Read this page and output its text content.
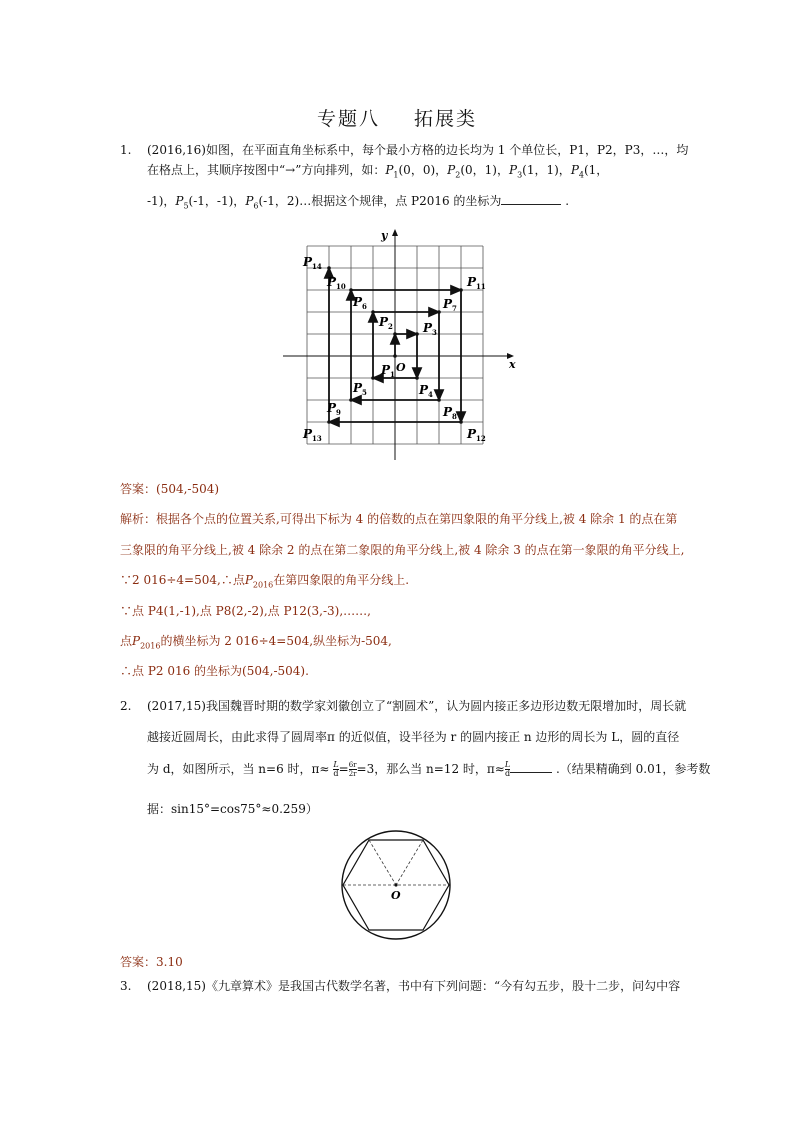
专题八 拓展类
1.	(2016,16)如图，在平面直角坐标系中，每个最小方格的边长均为 1 个单位长，P1，P2，P3，…，均
在格点上，其顺序按图中“→”方向排列，如：$P_1(0$，0)，$P_2(0$，1)，$P_3(1$，1)，$P_4(1$，
-1)，$P_5(-1$，-1)，$P_6(-1$，2)…根据这个规律，点 P2016 的坐标为	.
x
y
O
$P_1$
$P_2$	$P_3$
$P_4$
$P_5$
$P_6$	$P_7$
$P_8$
$P_9$
$P_{10}$	$P_{11}$
$P_{12}$
$P_{13}$
$P_{14}$
答案：(504,-504)
解析：根据各个点的位置关系,可得出下标为 4 的倍数的点在第四象限的角平分线上,被 4 除余 1 的点在第
三象限的角平分线上,被 4 除余 2 的点在第二象限的角平分线上,被 4 除余 3 的点在第一象限的角平分线上,
∵2 016÷4=504,∴点$P_{2016}$在第四象限的角平分线上.
∵点 P4(1,-1),点 P8(2,-2),点 P12(3,-3),……,
点$P_{2016}$的横坐标为 2 016÷4=504,纵坐标为-504,
∴点 P2 016 的坐标为(504,-504).
2.	(2017,15)我国魏晋时期的数学家刘徽创立了“割圆术”，认为圆内接正多边形边数无限增加时，周长就
越接近圆周长，由此求得了圆周率π 的近似值，设半径为 r 的圆内接正 n 边形的周长为 L，圆的直径
为 d，如图所示，当 n=6 时，$\pi\approx \frac{L}{d} = \frac{6r}{2r} =3$，那么当 n=12 时，$\pi\approx \frac{L}{d}$	.（结果精确到 0.01，参考数
据：sin15°=cos75°≈0.259）
O
答案：3.10
3.	(2018,15)《九章算术》是我国古代数学名著，书中有下列问题：“今有勾五步，股十二步，问勾中容
